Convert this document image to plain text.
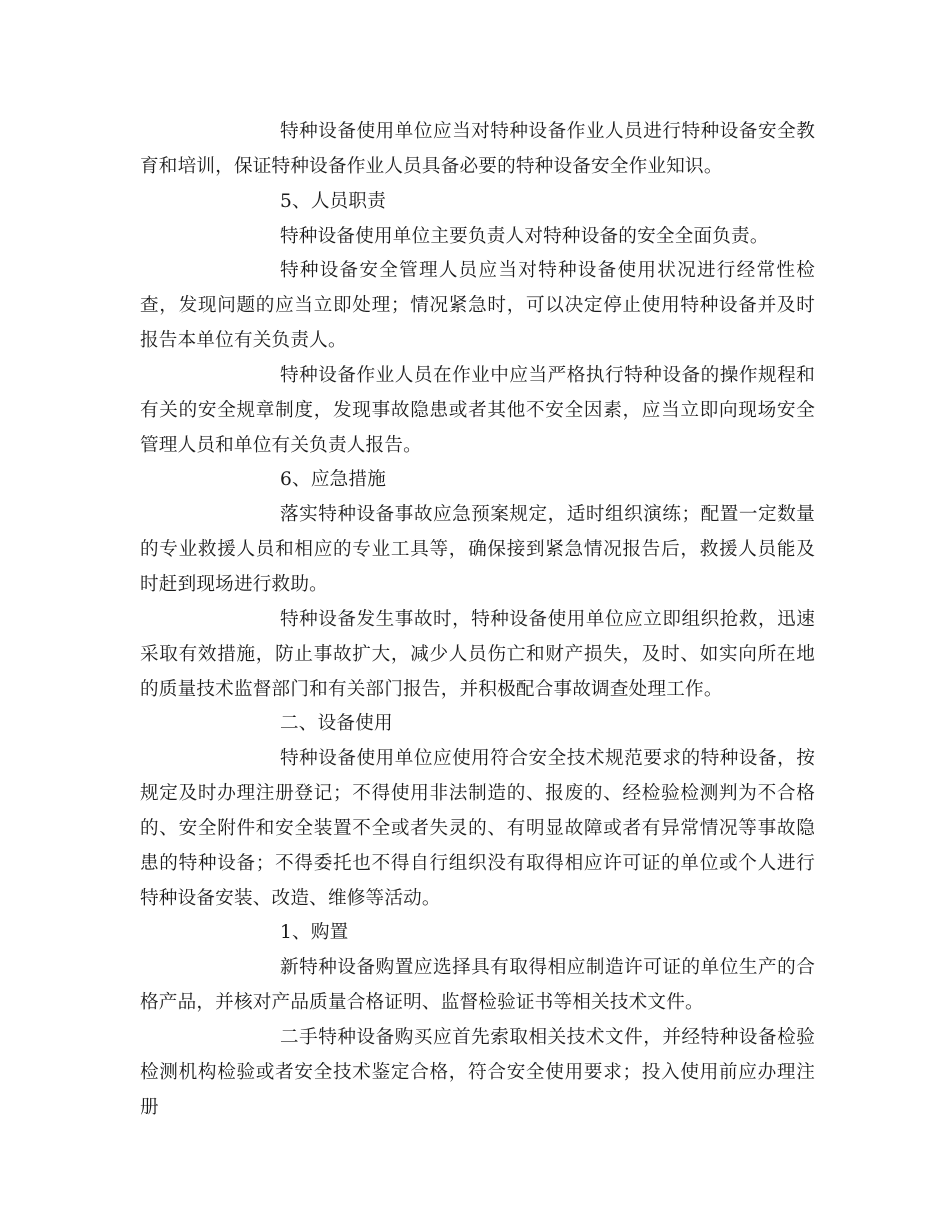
特种设备使用单位应当对特种设备作业人员进行特种设备安全教育和培训，保证特种设备作业人员具备必要的特种设备安全作业知识。

5、人员职责

特种设备使用单位主要负责人对特种设备的安全全面负责。

特种设备安全管理人员应当对特种设备使用状况进行经常性检查，发现问题的应当立即处理；情况紧急时，可以决定停止使用特种设备并及时报告本单位有关负责人。

特种设备作业人员在作业中应当严格执行特种设备的操作规程和有关的安全规章制度，发现事故隐患或者其他不安全因素，应当立即向现场安全管理人员和单位有关负责人报告。

6、应急措施

落实特种设备事故应急预案规定，适时组织演练；配置一定数量的专业救援人员和相应的专业工具等，确保接到紧急情况报告后，救援人员能及时赶到现场进行救助。

特种设备发生事故时，特种设备使用单位应立即组织抢救，迅速采取有效措施，防止事故扩大，减少人员伤亡和财产损失，及时、如实向所在地的质量技术监督部门和有关部门报告，并积极配合事故调查处理工作。

二、设备使用

特种设备使用单位应使用符合安全技术规范要求的特种设备，按规定及时办理注册登记；不得使用非法制造的、报废的、经检验检测判为不合格的、安全附件和安全装置不全或者失灵的、有明显故障或者有异常情况等事故隐患的特种设备；不得委托也不得自行组织没有取得相应许可证的单位或个人进行特种设备安装、改造、维修等活动。

1、购置

新特种设备购置应选择具有取得相应制造许可证的单位生产的合格产品，并核对产品质量合格证明、监督检验证书等相关技术文件。

二手特种设备购买应首先索取相关技术文件，并经特种设备检验检测机构检验或者安全技术鉴定合格，符合安全使用要求；投入使用前应办理注册
